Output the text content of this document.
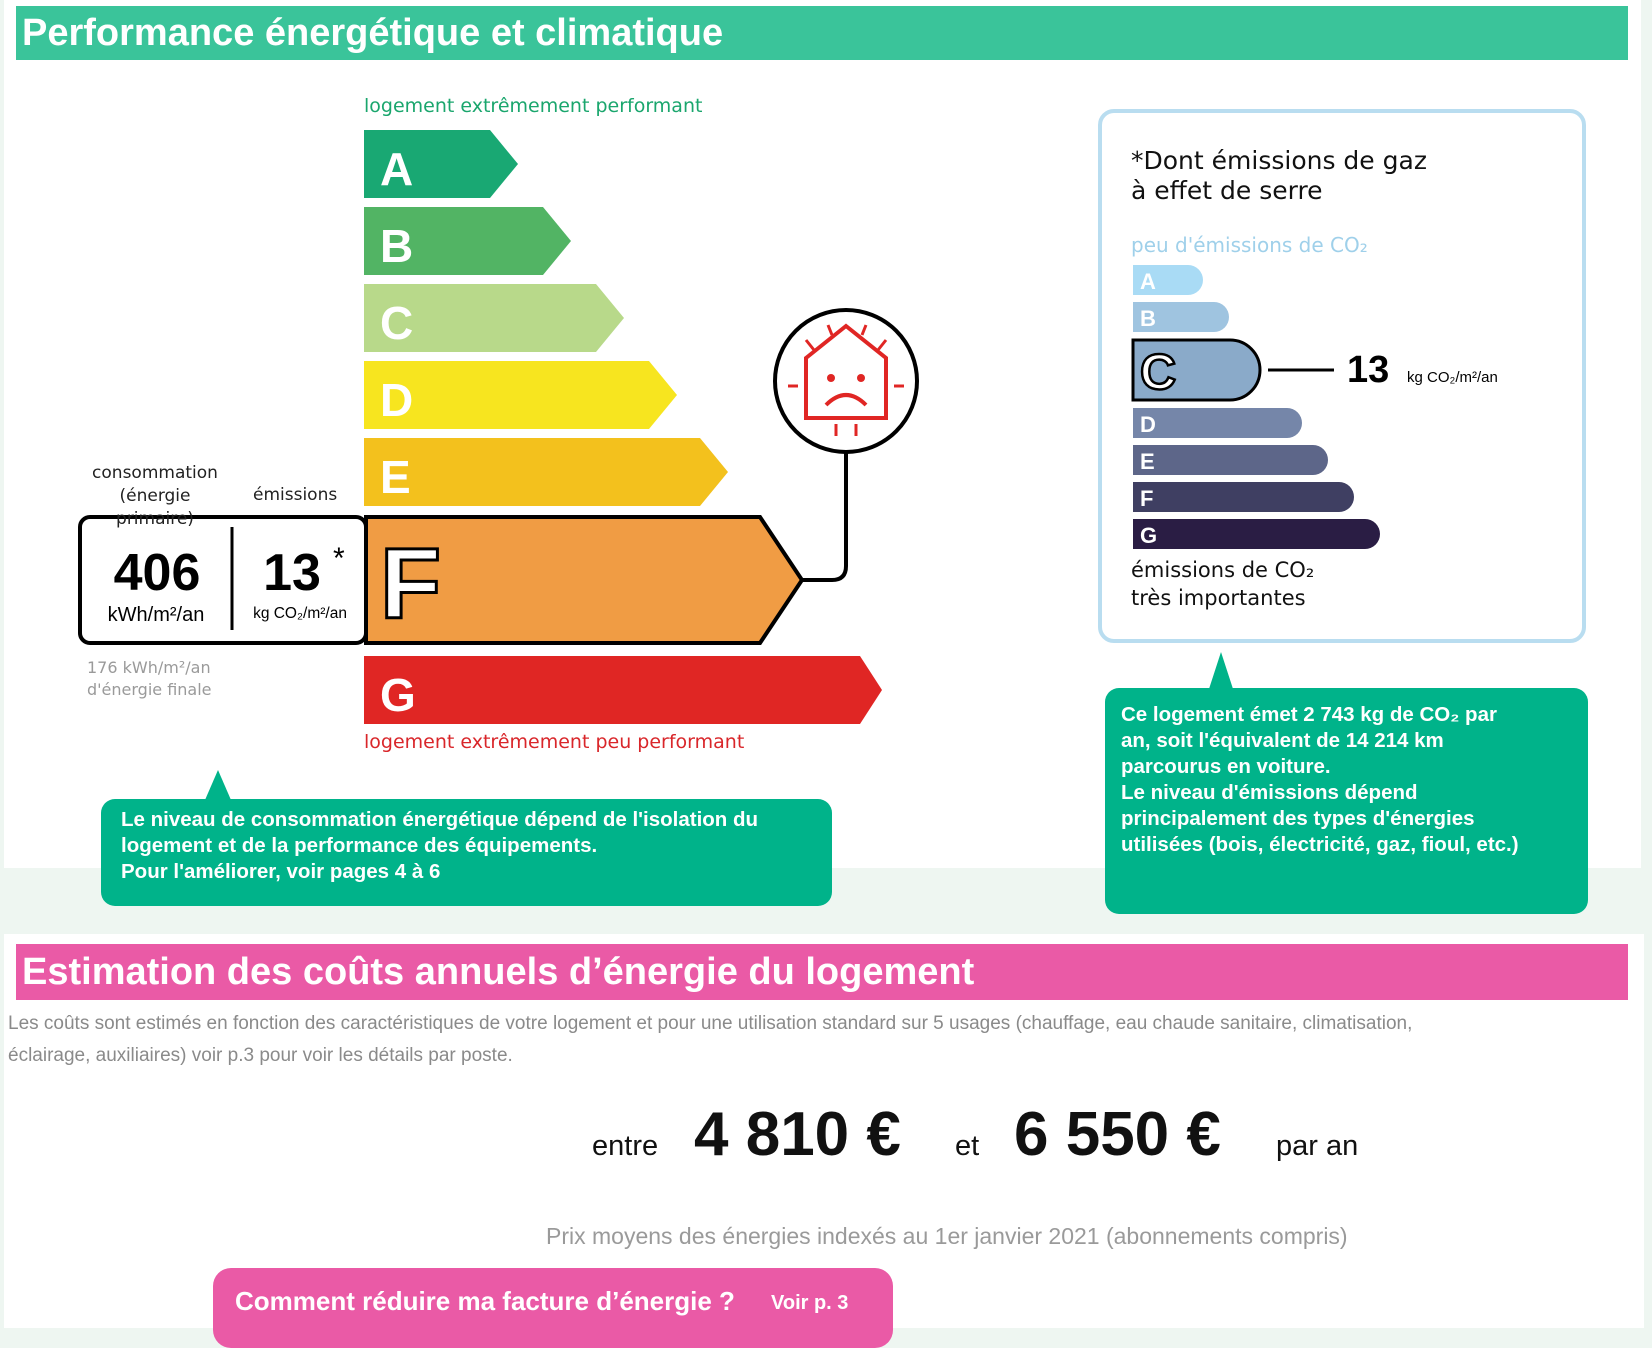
Performance énergétique et climatique
logement extrêmement performant
A
B
C
D
E
F
406
kWh/m²/an
13 *
kg CO₂/m²/an
G
A
B
C	13 kg CO₂/m²/an
D
E
F
G
consommation
(énergie primaire)
émissions
176 kWh/m²/an
d'énergie finale
logement extrêmement peu performant
Le niveau de consommation énergétique dépend de l'isolation du
logement et de la performance des équipements.
Pour l'améliorer, voir pages 4 à 6
*Dont émissions de gaz
à effet de serre
peu d'émissions de CO₂
émissions de CO₂
très importantes
Ce logement émet 2 743 kg de CO₂ par
an, soit l'équivalent de 14 214 km
parcourus en voiture.
Le niveau d'émissions dépend
principalement des types d'énergies
utilisées (bois, électricité, gaz, fioul, etc.)
Estimation des coûts annuels d’énergie du logement
Les coûts sont estimés en fonction des caractéristiques de votre logement et pour une utilisation standard sur 5 usages (chauffage, eau chaude sanitaire, climatisation,
éclairage, auxiliaires) voir p.3 pour voir les détails par poste.
entre 4 810 € et 6 550 € par an
Prix moyens des énergies indexés au 1er janvier 2021 (abonnements compris)
Comment réduire ma facture d’énergie ? Voir p. 3
